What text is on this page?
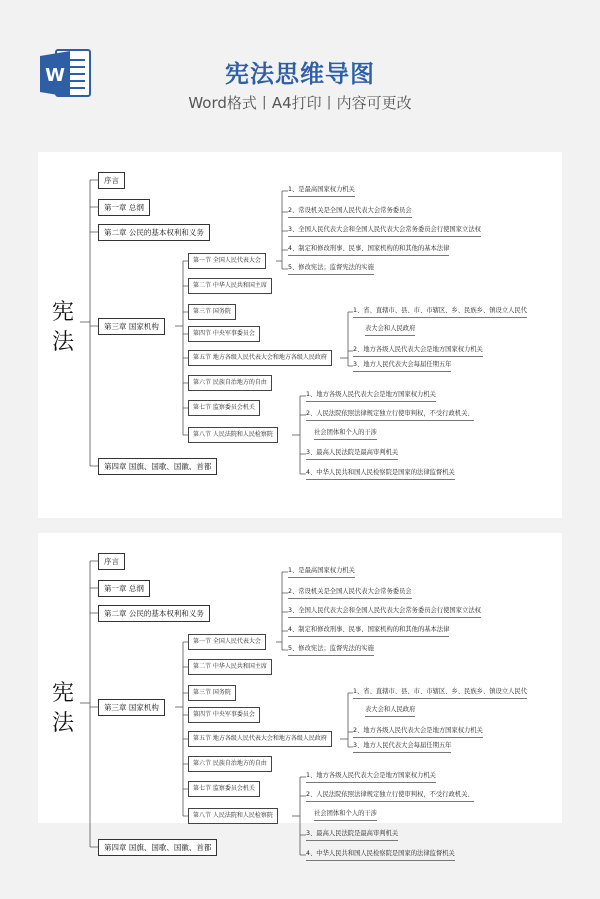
W	宪法思维导图
Word格式丨A4打印丨内容可更改
宪法
序言
第一章 总纲
第二章 公民的基本权利和义务
第三章 国家机构
第四章 国旗、国歌、国徽、首都
第一节 全国人民代表大会
第二节 中华人民共和国主席
第三节 国务院
第四节 中央军事委员会
第五节 地方各级人民代表大会和地方各级人民政府
第六节 民族自治地方的自由
第七节 监察委员会机关
第八节 人民法院和人民检察院
1、是最高国家权力机关
2、常设机关是全国人民代表大会常务委员会
3、全国人民代表大会和全国人民代表大会常务委员会行使国家立法权
4、制定和修改刑事、民事、国家机构的和其他的基本法律
5、修改宪法；监督宪法的实施
1、省、直辖市、县、市、市辖区、乡、民族乡、镇设立人民代
表大会和人民政府
2、地方各级人民代表大会是地方国家权力机关
3、地方人民代表大会每届任期五年
1、地方各级人民代表大会是地方国家权力机关
2、人民法院依照法律规定独立行使审判权，不受行政机关、
社会团体和个人的干涉
3、最高人民法院是最高审判机关
4、中华人民共和国人民检察院是国家的法律监督机关
宪法
序言
第一章 总纲
第二章 公民的基本权利和义务
第三章 国家机构
第四章 国旗、国歌、国徽、首都
第一节 全国人民代表大会
第二节 中华人民共和国主席
第三节 国务院
第四节 中央军事委员会
第五节 地方各级人民代表大会和地方各级人民政府
第六节 民族自治地方的自由
第七节 监察委员会机关
第八节 人民法院和人民检察院
1、是最高国家权力机关
2、常设机关是全国人民代表大会常务委员会
3、全国人民代表大会和全国人民代表大会常务委员会行使国家立法权
4、制定和修改刑事、民事、国家机构的和其他的基本法律
5、修改宪法；监督宪法的实施
1、省、直辖市、县、市、市辖区、乡、民族乡、镇设立人民代
表大会和人民政府
2、地方各级人民代表大会是地方国家权力机关
3、地方人民代表大会每届任期五年
1、地方各级人民代表大会是地方国家权力机关
2、人民法院依照法律规定独立行使审判权，不受行政机关、
社会团体和个人的干涉
3、最高人民法院是最高审判机关
4、中华人民共和国人民检察院是国家的法律监督机关
